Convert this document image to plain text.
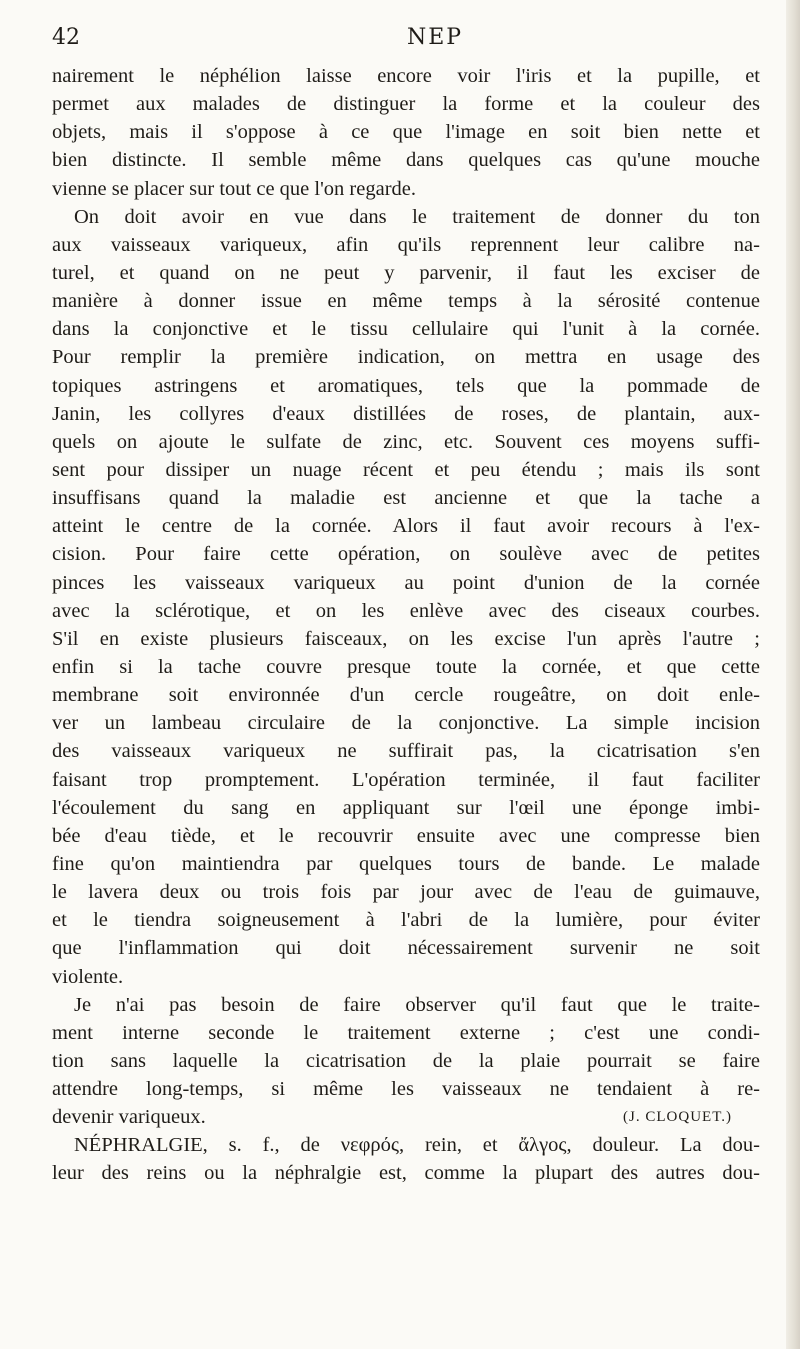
42	NEP
nairement le néphélion laisse encore voir l'iris et la pupille, et
permet aux malades de distinguer la forme et la couleur des
objets, mais il s'oppose à ce que l'image en soit bien nette et
bien distincte. Il semble même dans quelques cas qu'une mouche
vienne se placer sur tout ce que l'on regarde.
On doit avoir en vue dans le traitement de donner du ton
aux vaisseaux variqueux, afin qu'ils reprennent leur calibre na-
turel, et quand on ne peut y parvenir, il faut les exciser de
manière à donner issue en même temps à la sérosité contenue
dans la conjonctive et le tissu cellulaire qui l'unit à la cornée.
Pour remplir la première indication, on mettra en usage des
topiques astringens et aromatiques, tels que la pommade de
Janin, les collyres d'eaux distillées de roses, de plantain, aux-
quels on ajoute le sulfate de zinc, etc. Souvent ces moyens suffi-
sent pour dissiper un nuage récent et peu étendu ; mais ils sont
insuffisans quand la maladie est ancienne et que la tache a
atteint le centre de la cornée. Alors il faut avoir recours à l'ex-
cision. Pour faire cette opération, on soulève avec de petites
pinces les vaisseaux variqueux au point d'union de la cornée
avec la sclérotique, et on les enlève avec des ciseaux courbes.
S'il en existe plusieurs faisceaux, on les excise l'un après l'autre ;
enfin si la tache couvre presque toute la cornée, et que cette
membrane soit environnée d'un cercle rougeâtre, on doit enle-
ver un lambeau circulaire de la conjonctive. La simple incision
des vaisseaux variqueux ne suffirait pas, la cicatrisation s'en
faisant trop promptement. L'opération terminée, il faut faciliter
l'écoulement du sang en appliquant sur l'œil une éponge imbi-
bée d'eau tiède, et le recouvrir ensuite avec une compresse bien
fine qu'on maintiendra par quelques tours de bande. Le malade
le lavera deux ou trois fois par jour avec de l'eau de guimauve,
et le tiendra soigneusement à l'abri de la lumière, pour éviter
que l'inflammation qui doit nécessairement survenir ne soit
violente.
Je n'ai pas besoin de faire observer qu'il faut que le traite-
ment interne seconde le traitement externe ; c'est une condi-
tion sans laquelle la cicatrisation de la plaie pourrait se faire
attendre long-temps, si même les vaisseaux ne tendaient à re-
devenir variqueux.	(J. CLOQUET.)
NÉPHRALGIE, s. f., de νεφρός, rein, et ἄλγος, douleur. La dou-
leur des reins ou la néphralgie est, comme la plupart des autres dou-
